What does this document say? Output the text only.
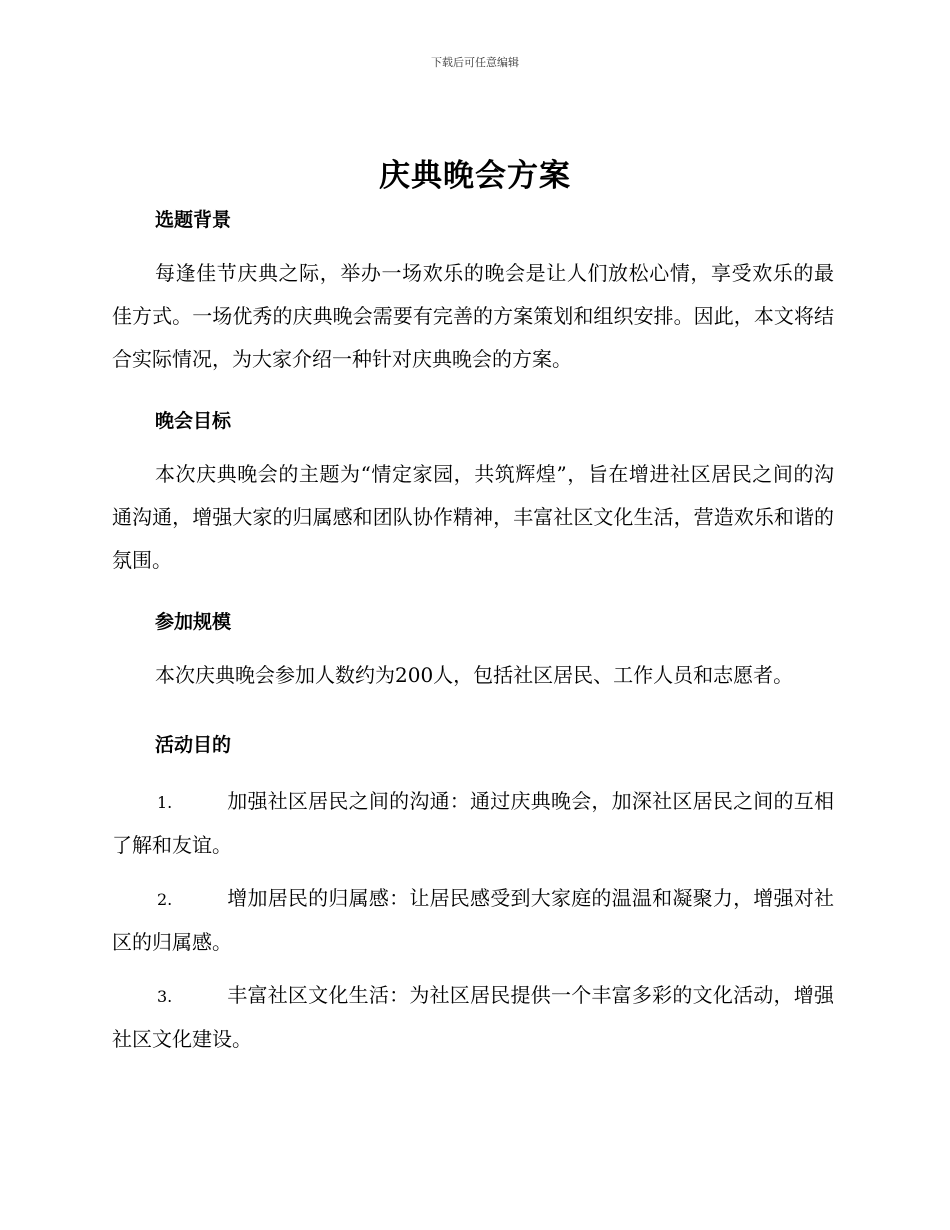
下载后可任意编辑
庆典晚会方案
选题背景

每逢佳节庆典之际，举办一场欢乐的晚会是让人们放松心情，享受欢乐的最佳方式。一场优秀的庆典晚会需要有完善的方案策划和组织安排。因此，本文将结合实际情况，为大家介绍一种针对庆典晚会的方案。

晚会目标

本次庆典晚会的主题为“情定家园，共筑辉煌”，旨在增进社区居民之间的沟通沟通，增强大家的归属感和团队协作精神，丰富社区文化生活，营造欢乐和谐的氛围。

参加规模

本次庆典晚会参加人数约为200人，包括社区居民、工作人员和志愿者。

活动目的

1.	加强社区居民之间的沟通：通过庆典晚会，加深社区居民之间的互相了解和友谊。

2.	增加居民的归属感：让居民感受到大家庭的温温和凝聚力，增强对社区的归属感。

3.	丰富社区文化生活：为社区居民提供一个丰富多彩的文化活动，增强社区文化建设。
